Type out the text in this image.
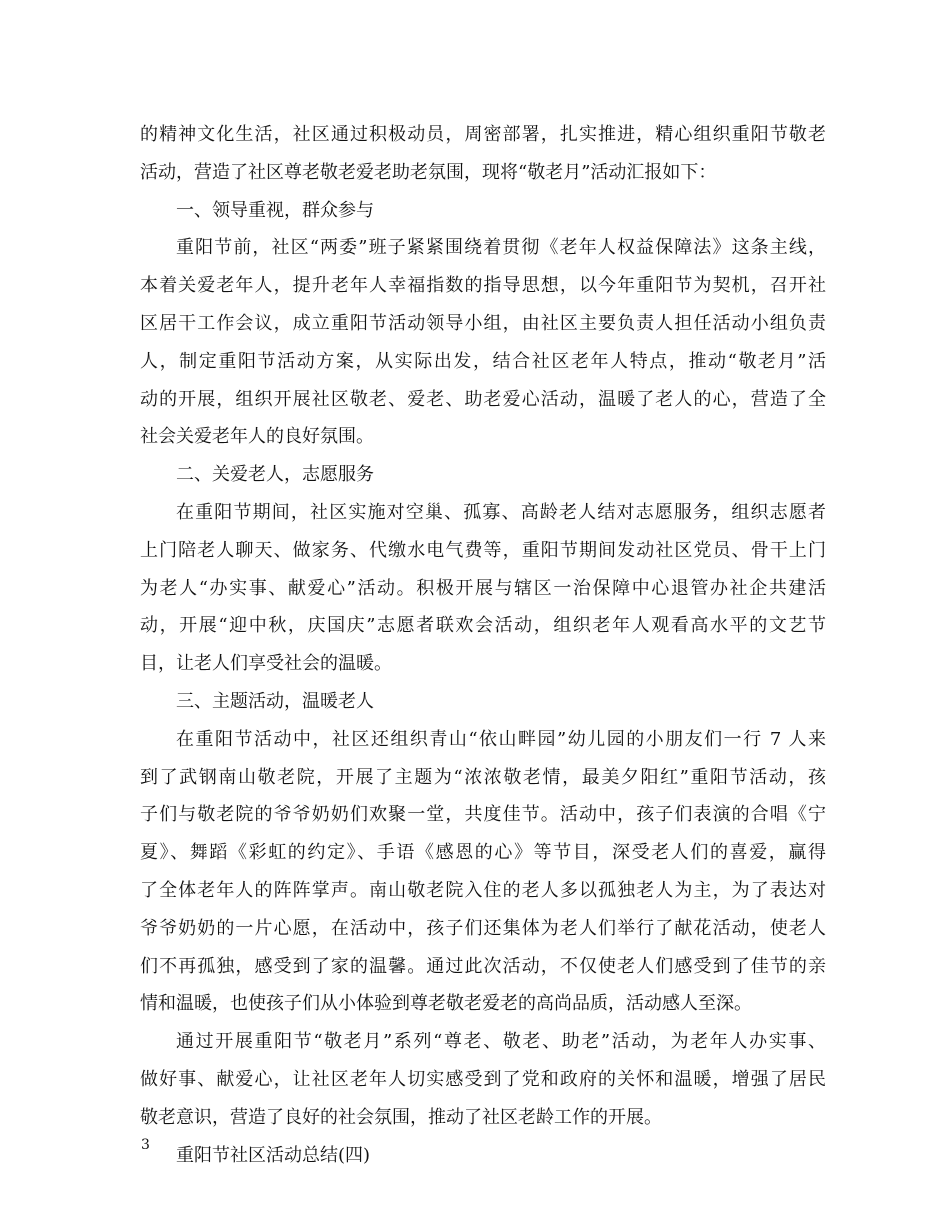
的精神文化生活，社区通过积极动员，周密部署，扎实推进，精心组织重阳节敬老
活动，营造了社区尊老敬老爱老助老氛围，现将“敬老月”活动汇报如下：
一、领导重视，群众参与
重阳节前，社区“两委”班子紧紧围绕着贯彻《老年人权益保障法》这条主线，
本着关爱老年人，提升老年人幸福指数的指导思想，以今年重阳节为契机，召开社
区居干工作会议，成立重阳节活动领导小组，由社区主要负责人担任活动小组负责
人，制定重阳节活动方案，从实际出发，结合社区老年人特点，推动“敬老月”活
动的开展，组织开展社区敬老、爱老、助老爱心活动，温暖了老人的心，营造了全
社会关爱老年人的良好氛围。
二、关爱老人，志愿服务
在重阳节期间，社区实施对空巢、孤寡、高龄老人结对志愿服务，组织志愿者
上门陪老人聊天、做家务、代缴水电气费等，重阳节期间发动社区党员、骨干上门
为老人“办实事、献爱心”活动。积极开展与辖区一治保障中心退管办社企共建活
动，开展“迎中秋，庆国庆”志愿者联欢会活动，组织老年人观看高水平的文艺节
目，让老人们享受社会的温暖。
三、主题活动，温暖老人
在重阳节活动中，社区还组织青山“依山畔园”幼儿园的小朋友们一行 7 人来
到了武钢南山敬老院，开展了主题为“浓浓敬老情，最美夕阳红”重阳节活动，孩
子们与敬老院的爷爷奶奶们欢聚一堂，共度佳节。活动中，孩子们表演的合唱《宁
夏》、舞蹈《彩虹的约定》、手语《感恩的心》等节目，深受老人们的喜爱，赢得
了全体老年人的阵阵掌声。南山敬老院入住的老人多以孤独老人为主，为了表达对
爷爷奶奶的一片心愿，在活动中，孩子们还集体为老人们举行了献花活动，使老人
们不再孤独，感受到了家的温馨。通过此次活动，不仅使老人们感受到了佳节的亲
情和温暖，也使孩子们从小体验到尊老敬老爱老的高尚品质，活动感人至深。
通过开展重阳节“敬老月”系列“尊老、敬老、助老”活动，为老年人办实事、
做好事、献爱心，让社区老年人切实感受到了党和政府的关怀和温暖，增强了居民
敬老意识，营造了良好的社会氛围，推动了社区老龄工作的开展。
重阳节社区活动总结(四)
3
